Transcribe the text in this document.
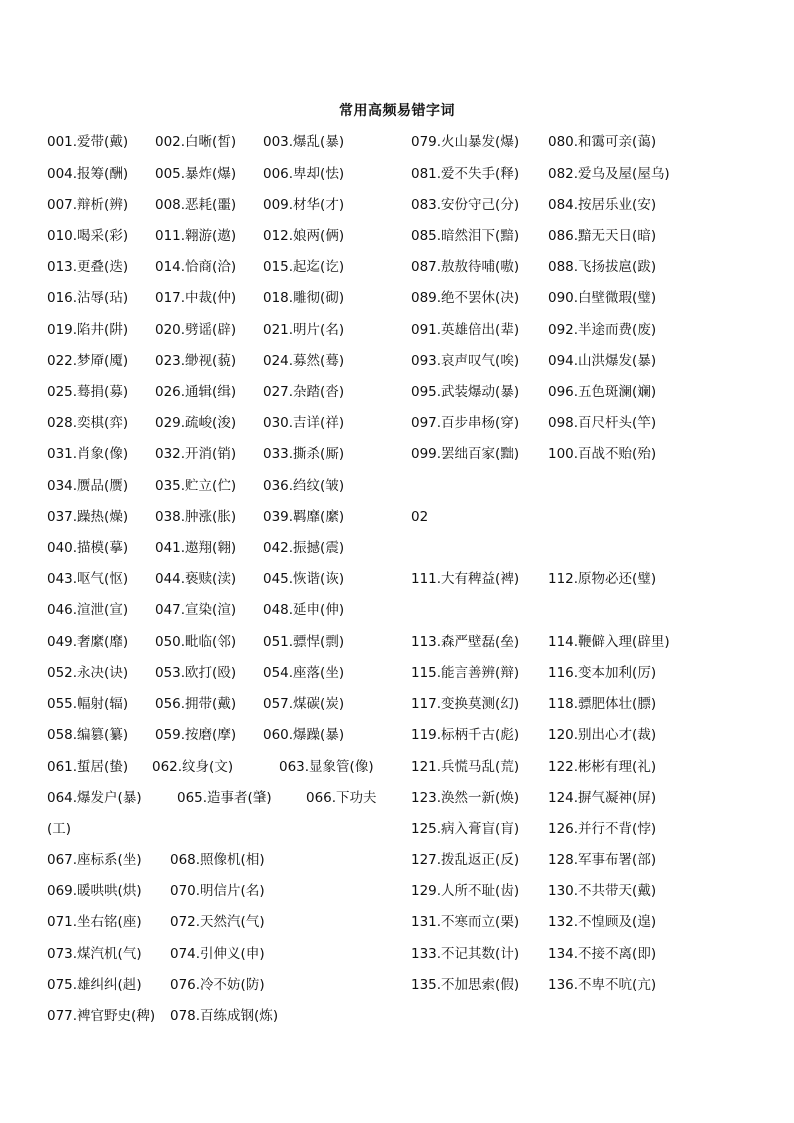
常用高频易错字词
001.爱带(戴) 002.白晰(皙) 003.爆乱(暴)	079.火山暴发(爆) 080.和霭可亲(蔼)
004.报筹(酬) 005.暴炸(爆) 006.卑却(怯)	081.爱不失手(释) 082.爱乌及屋(屋乌)
007.辩析(辨) 008.恶耗(噩) 009.材华(才)	083.安份守己(分) 084.按居乐业(安)
010.喝采(彩) 011.翱游(遨) 012.娘两(俩)	085.暗然泪下(黯) 086.黯无天日(暗)
013.更叠(迭) 014.恰商(洽) 015.起迄(讫)	087.敖敖待哺(嗷) 088.飞扬拔扈(跋)
016.沾辱(玷) 017.中裁(仲) 018.雕彻(砌)	089.绝不罢休(决) 090.白壁微瑕(璧)
019.陷井(阱) 020.劈谣(辟) 021.明片(名)	091.英雄倍出(辈) 092.半途而费(废)
022.梦厣(魇) 023.缈视(藐) 024.募然(蓦)	093.哀声叹气(唉) 094.山洪爆发(暴)
025.蓦捐(募) 026.通辑(缉) 027.杂踏(沓)	095.武装爆动(暴) 096.五色斑澜(斓)
028.奕棋(弈) 029.疏峻(浚) 030.吉详(祥)	097.百步串杨(穿) 098.百尺杆头(竿)
031.肖象(像) 032.开消(销) 033.撕杀(厮)	099.罢绌百家(黜) 100.百战不贻(殆)
034.赝品(赝) 035.贮立(伫) 036.绉纹(皱)
037.躁热(燥) 038.肿涨(胀) 039.羁靡(縻)	02
040.描模(摹) 041.遨翔(翱) 042.振撼(震)
043.呕气(怄) 044.亵赎(渎) 045.恢谐(诙)	111.大有稗益(裨) 112.原物必还(璧)
046.渲泄(宣) 047.宣染(渲) 048.延申(伸)
049.奢縻(靡) 050.毗临(邻) 051.骠悍(剽)	113.森严壁磊(垒) 114.鞭僻入理(辟里)
052.永决(诀) 053.欧打(殴) 054.座落(坐)	115.能言善辨(辩) 116.变本加利(厉)
055.幅射(辐) 056.拥带(戴) 057.煤碳(炭)	117.变换莫测(幻) 118.骠肥体壮(膘)
058.编篡(纂) 059.按磨(摩) 060.爆躁(暴)	119.标柄千古(彪) 120.别出心才(裁)
061.蜇居(蛰) 062.纹身(文)	063.显象管(像)	121.兵慌马乱(荒) 122.彬彬有理(礼)
064.爆发户(暴)	065.造事者(肇)	066.下功夫	123.涣然一新(焕) 124.摒气凝神(屏)
(工)	125.病入膏盲(肓) 126.并行不背(悖)
067.座标系(坐) 068.照像机(相)	127.拨乱返正(反) 128.军事布署(部)
069.暖哄哄(烘) 070.明信片(名)	129.人所不耻(齿) 130.不共带天(戴)
071.坐右铭(座) 072.天然汽(气)	131.不寒而立(栗) 132.不惶顾及(遑)
073.煤汽机(气) 074.引伸义(申)	133.不记其数(计) 134.不接不离(即)
075.雄纠纠(赳) 076.冷不妨(防)	135.不加思索(假) 136.不卑不吭(亢)
077.裨官野史(稗) 078.百练成钢(炼)
